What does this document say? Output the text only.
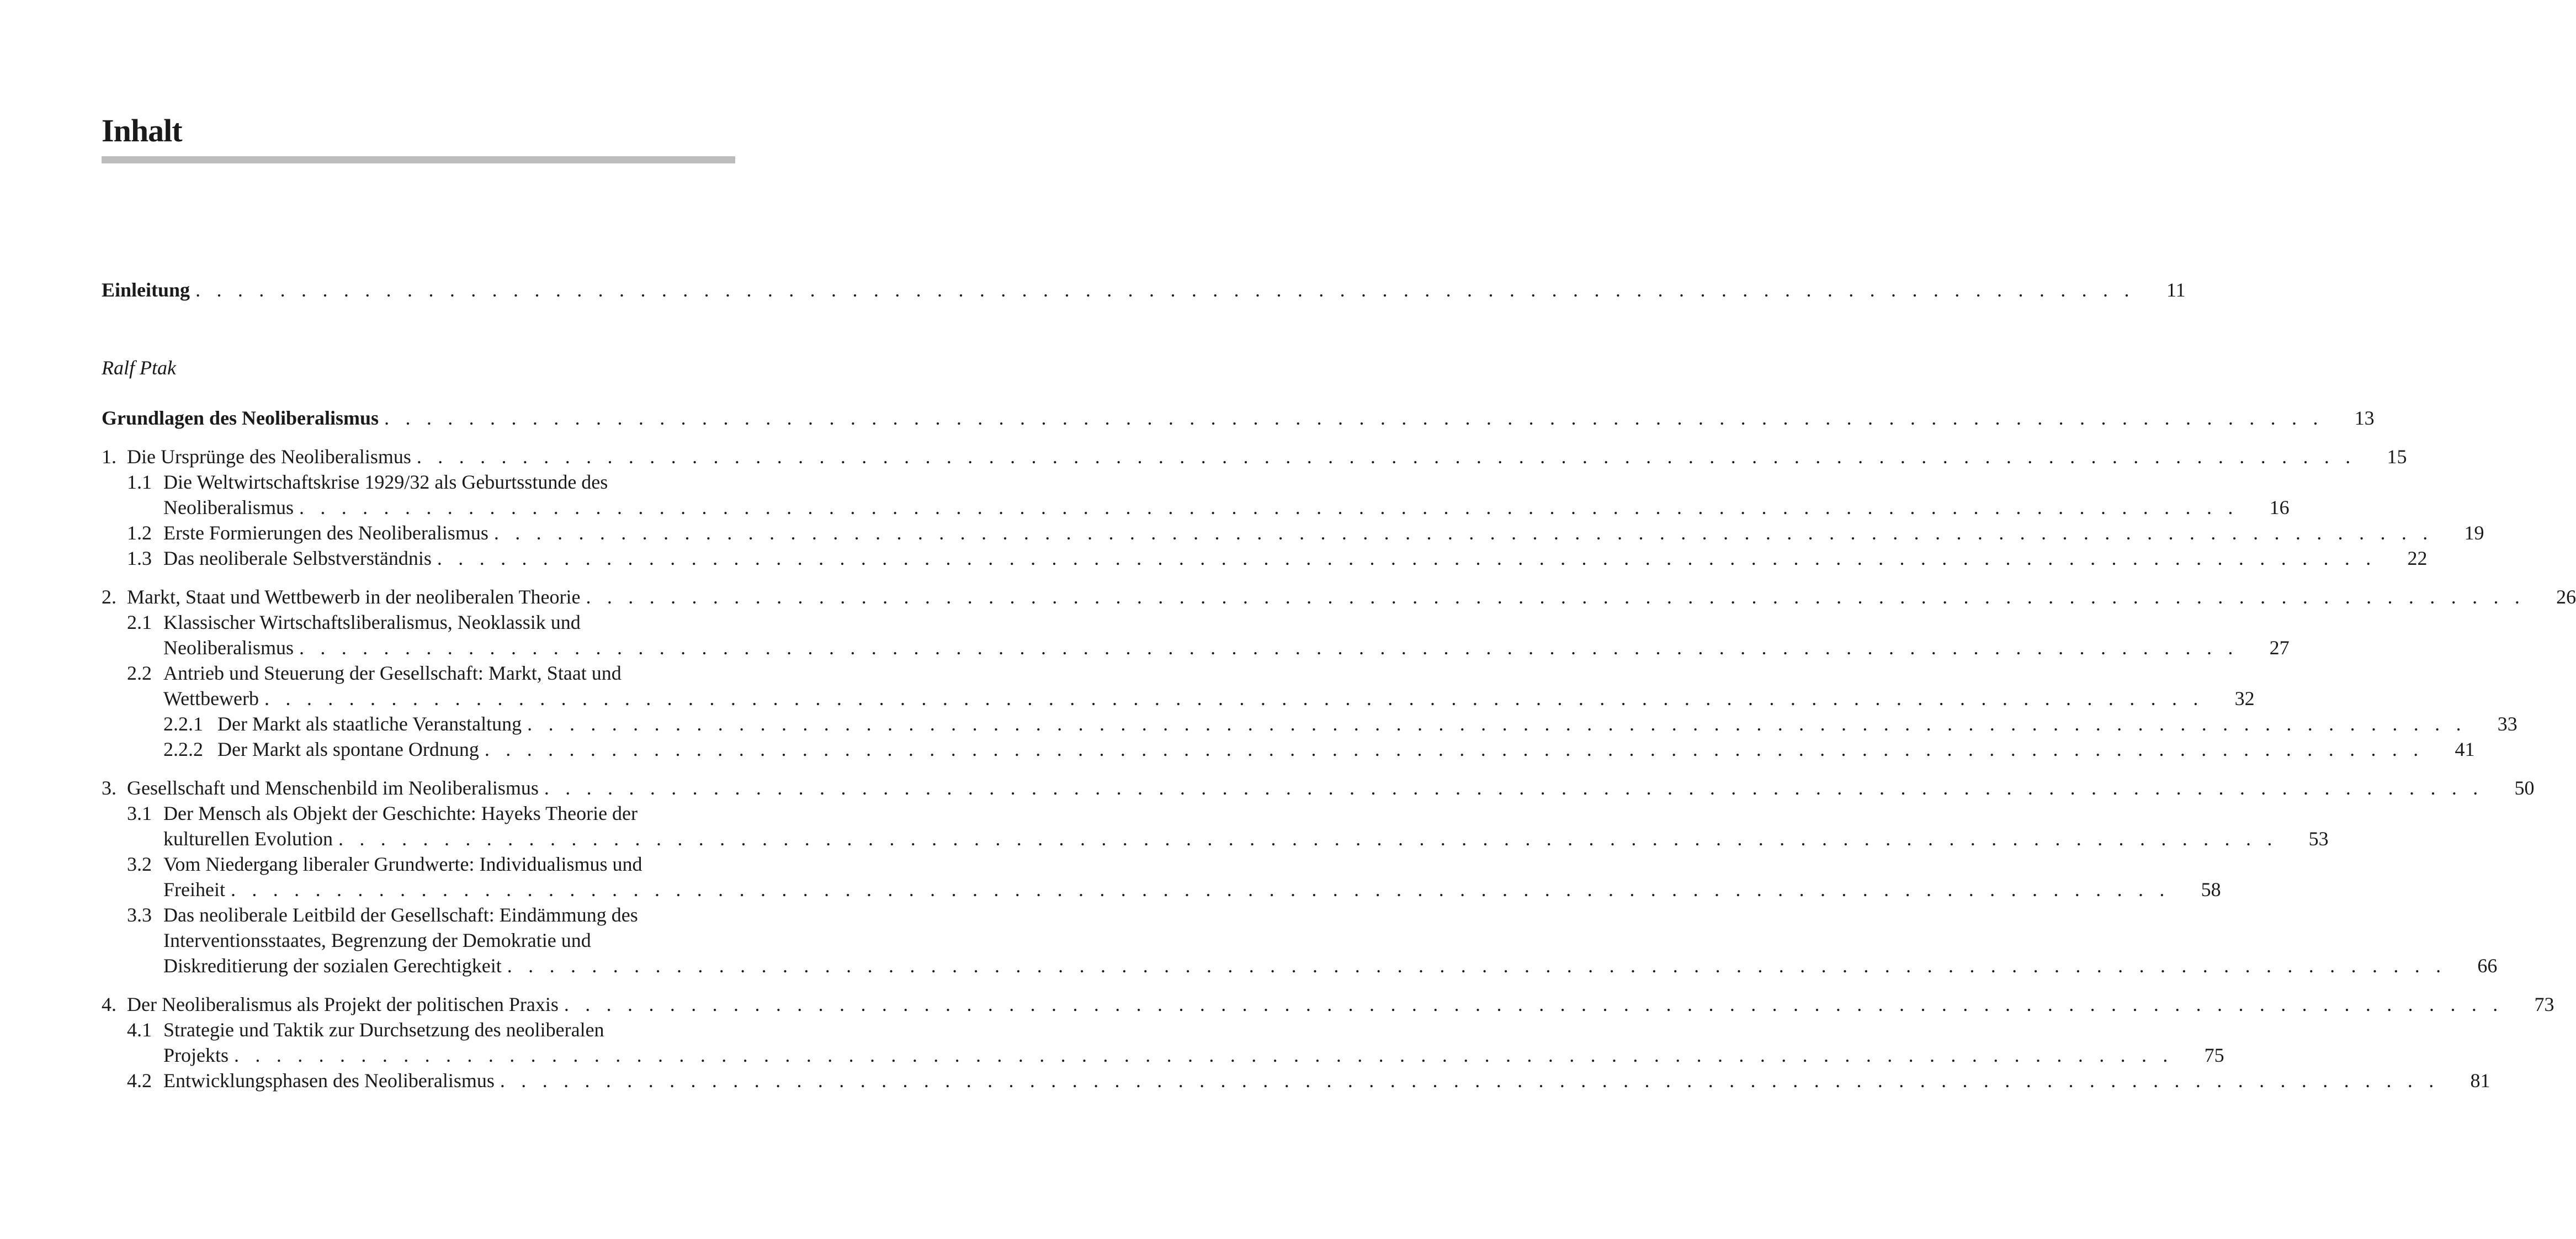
Inhalt
Einleitung . . .	11
Ralf Ptak
Grundlagen des Neoliberalismus . . .	13
1. Die Ursprünge des Neoliberalismus . . .	15
1.1 Die Weltwirtschaftskrise 1929/32 als Geburtsstunde des
Neoliberalismus . . .	16
1.2 Erste Formierungen des Neoliberalismus . . .	19
1.3 Das neoliberale Selbstverständnis . . .	22
2. Markt, Staat und Wettbewerb in der neoliberalen Theorie . . .	26
2.1 Klassischer Wirtschaftsliberalismus, Neoklassik und
Neoliberalismus . . .	27
2.2 Antrieb und Steuerung der Gesellschaft: Markt, Staat und
Wettbewerb . . .	32
2.2.1 Der Markt als staatliche Veranstaltung . . .	33
2.2.2 Der Markt als spontane Ordnung . . .	41
3. Gesellschaft und Menschenbild im Neoliberalismus . . .	50
3.1 Der Mensch als Objekt der Geschichte: Hayeks Theorie der
kulturellen Evolution . . .	53
3.2 Vom Niedergang liberaler Grundwerte: Individualismus und
Freiheit . . .	58
3.3 Das neoliberale Leitbild der Gesellschaft: Eindämmung des
Interventionsstaates, Begrenzung der Demokratie und
Diskreditierung der sozialen Gerechtigkeit . . .	66
4. Der Neoliberalismus als Projekt der politischen Praxis . . .	73
4.1 Strategie und Taktik zur Durchsetzung des neoliberalen
Projekts . . .	75
4.2 Entwicklungsphasen des Neoliberalismus . . .	81
